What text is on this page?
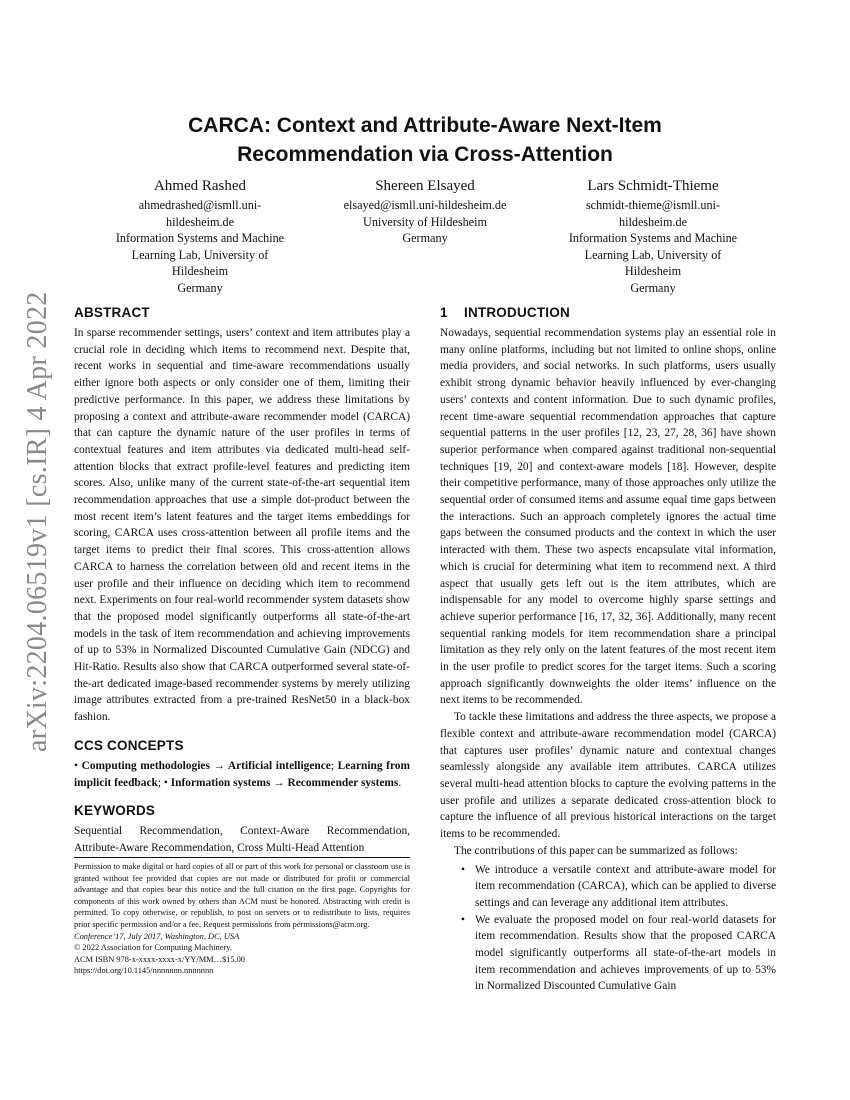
arXiv:2204.06519v1 [cs.IR] 4 Apr 2022
CARCA: Context and Attribute-Aware Next-Item
Recommendation via Cross-Attention
Ahmed Rashed
ahmedrashed@ismll.uni-
hildesheim.de
Information Systems and Machine
Learning Lab, University of
Hildesheim
Germany
Shereen Elsayed
elsayed@ismll.uni-hildesheim.de
University of Hildesheim
Germany
Lars Schmidt-Thieme
schmidt-thieme@ismll.uni-
hildesheim.de
Information Systems and Machine
Learning Lab, University of
Hildesheim
Germany
ABSTRACT

In sparse recommender settings, users’ context and item attributes play a crucial role in deciding which items to recommend next. Despite that, recent works in sequential and time-aware recommendations usually either ignore both aspects or only consider one of them, limiting their predictive performance. In this paper, we address these limitations by proposing a context and attribute-aware recommender model (CARCA) that can capture the dynamic nature of the user profiles in terms of contextual features and item attributes via dedicated multi-head self-attention blocks that extract profile-level features and predicting item scores. Also, unlike many of the current state-of-the-art sequential item recommendation approaches that use a simple dot-product between the most recent item’s latent features and the target items embeddings for scoring, CARCA uses cross-attention between all profile items and the target items to predict their final scores. This cross-attention allows CARCA to harness the correlation between old and recent items in the user profile and their influence on deciding which item to recommend next. Experiments on four real-world recommender system datasets show that the proposed model significantly outperforms all state-of-the-art models in the task of item recommendation and achieving improvements of up to 53% in Normalized Discounted Cumulative Gain (NDCG) and Hit-Ratio. Results also show that CARCA outperformed several state-of-the-art dedicated image-based recommender systems by merely utilizing image attributes extracted from a pre-trained ResNet50 in a black-box fashion.

CCS CONCEPTS

• Computing methodologies → Artificial intelligence; Learning from implicit feedback; • Information systems → Recommender systems.

KEYWORDS

Sequential Recommendation, Context-Aware Recommendation, Attribute-Aware Recommendation, Cross Multi-Head Attention

Permission to make digital or hard copies of all or part of this work for personal or classroom use is granted without fee provided that copies are not made or distributed for profit or commercial advantage and that copies bear this notice and the full citation on the first page. Copyrights for components of this work owned by others than ACM must be honored. Abstracting with credit is permitted. To copy otherwise, or republish, to post on servers or to redistribute to lists, requires prior specific permission and/or a fee. Request permissions from permissions@acm.org.
Conference’17, July 2017, Washington, DC, USA
© 2022 Association for Computing Machinery.
ACM ISBN 978-x-xxxx-xxxx-x/YY/MM…$15.00
https://doi.org/10.1145/nnnnnnn.nnnnnnn
1 INTRODUCTION

Nowadays, sequential recommendation systems play an essential role in many online platforms, including but not limited to online shops, online media providers, and social networks. In such platforms, users usually exhibit strong dynamic behavior heavily influenced by ever-changing users’ contexts and content information. Due to such dynamic profiles, recent time-aware sequential recommendation approaches that capture sequential patterns in the user profiles [12, 23, 27, 28, 36] have shown superior performance when compared against traditional non-sequential techniques [19, 20] and context-aware models [18]. However, despite their competitive performance, many of those approaches only utilize the sequential order of consumed items and assume equal time gaps between the interactions. Such an approach completely ignores the actual time gaps between the consumed products and the context in which the user interacted with them. These two aspects encapsulate vital information, which is crucial for determining what item to recommend next. A third aspect that usually gets left out is the item attributes, which are indispensable for any model to overcome highly sparse settings and achieve superior performance [16, 17, 32, 36]. Additionally, many recent sequential ranking models for item recommendation share a principal limitation as they rely only on the latent features of the most recent item in the user profile to predict scores for the target items. Such a scoring approach significantly downweights the older items’ influence on the next items to be recommended.

To tackle these limitations and address the three aspects, we propose a flexible context and attribute-aware recommendation model (CARCA) that captures user profiles’ dynamic nature and contextual changes seamlessly alongside any available item attributes. CARCA utilizes several multi-head attention blocks to capture the evolving patterns in the user profile and utilizes a separate dedicated cross-attention block to capture the influence of all previous historical interactions on the target items to be recommended.

The contributions of this paper can be summarized as follows:

• We introduce a versatile context and attribute-aware model for item recommendation (CARCA), which can be applied to diverse settings and can leverage any additional item attributes.
• We evaluate the proposed model on four real-world datasets for item recommendation. Results show that the proposed CARCA model significantly outperforms all state-of-the-art models in item recommendation and achieves improvements of up to 53% in Normalized Discounted Cumulative Gain
